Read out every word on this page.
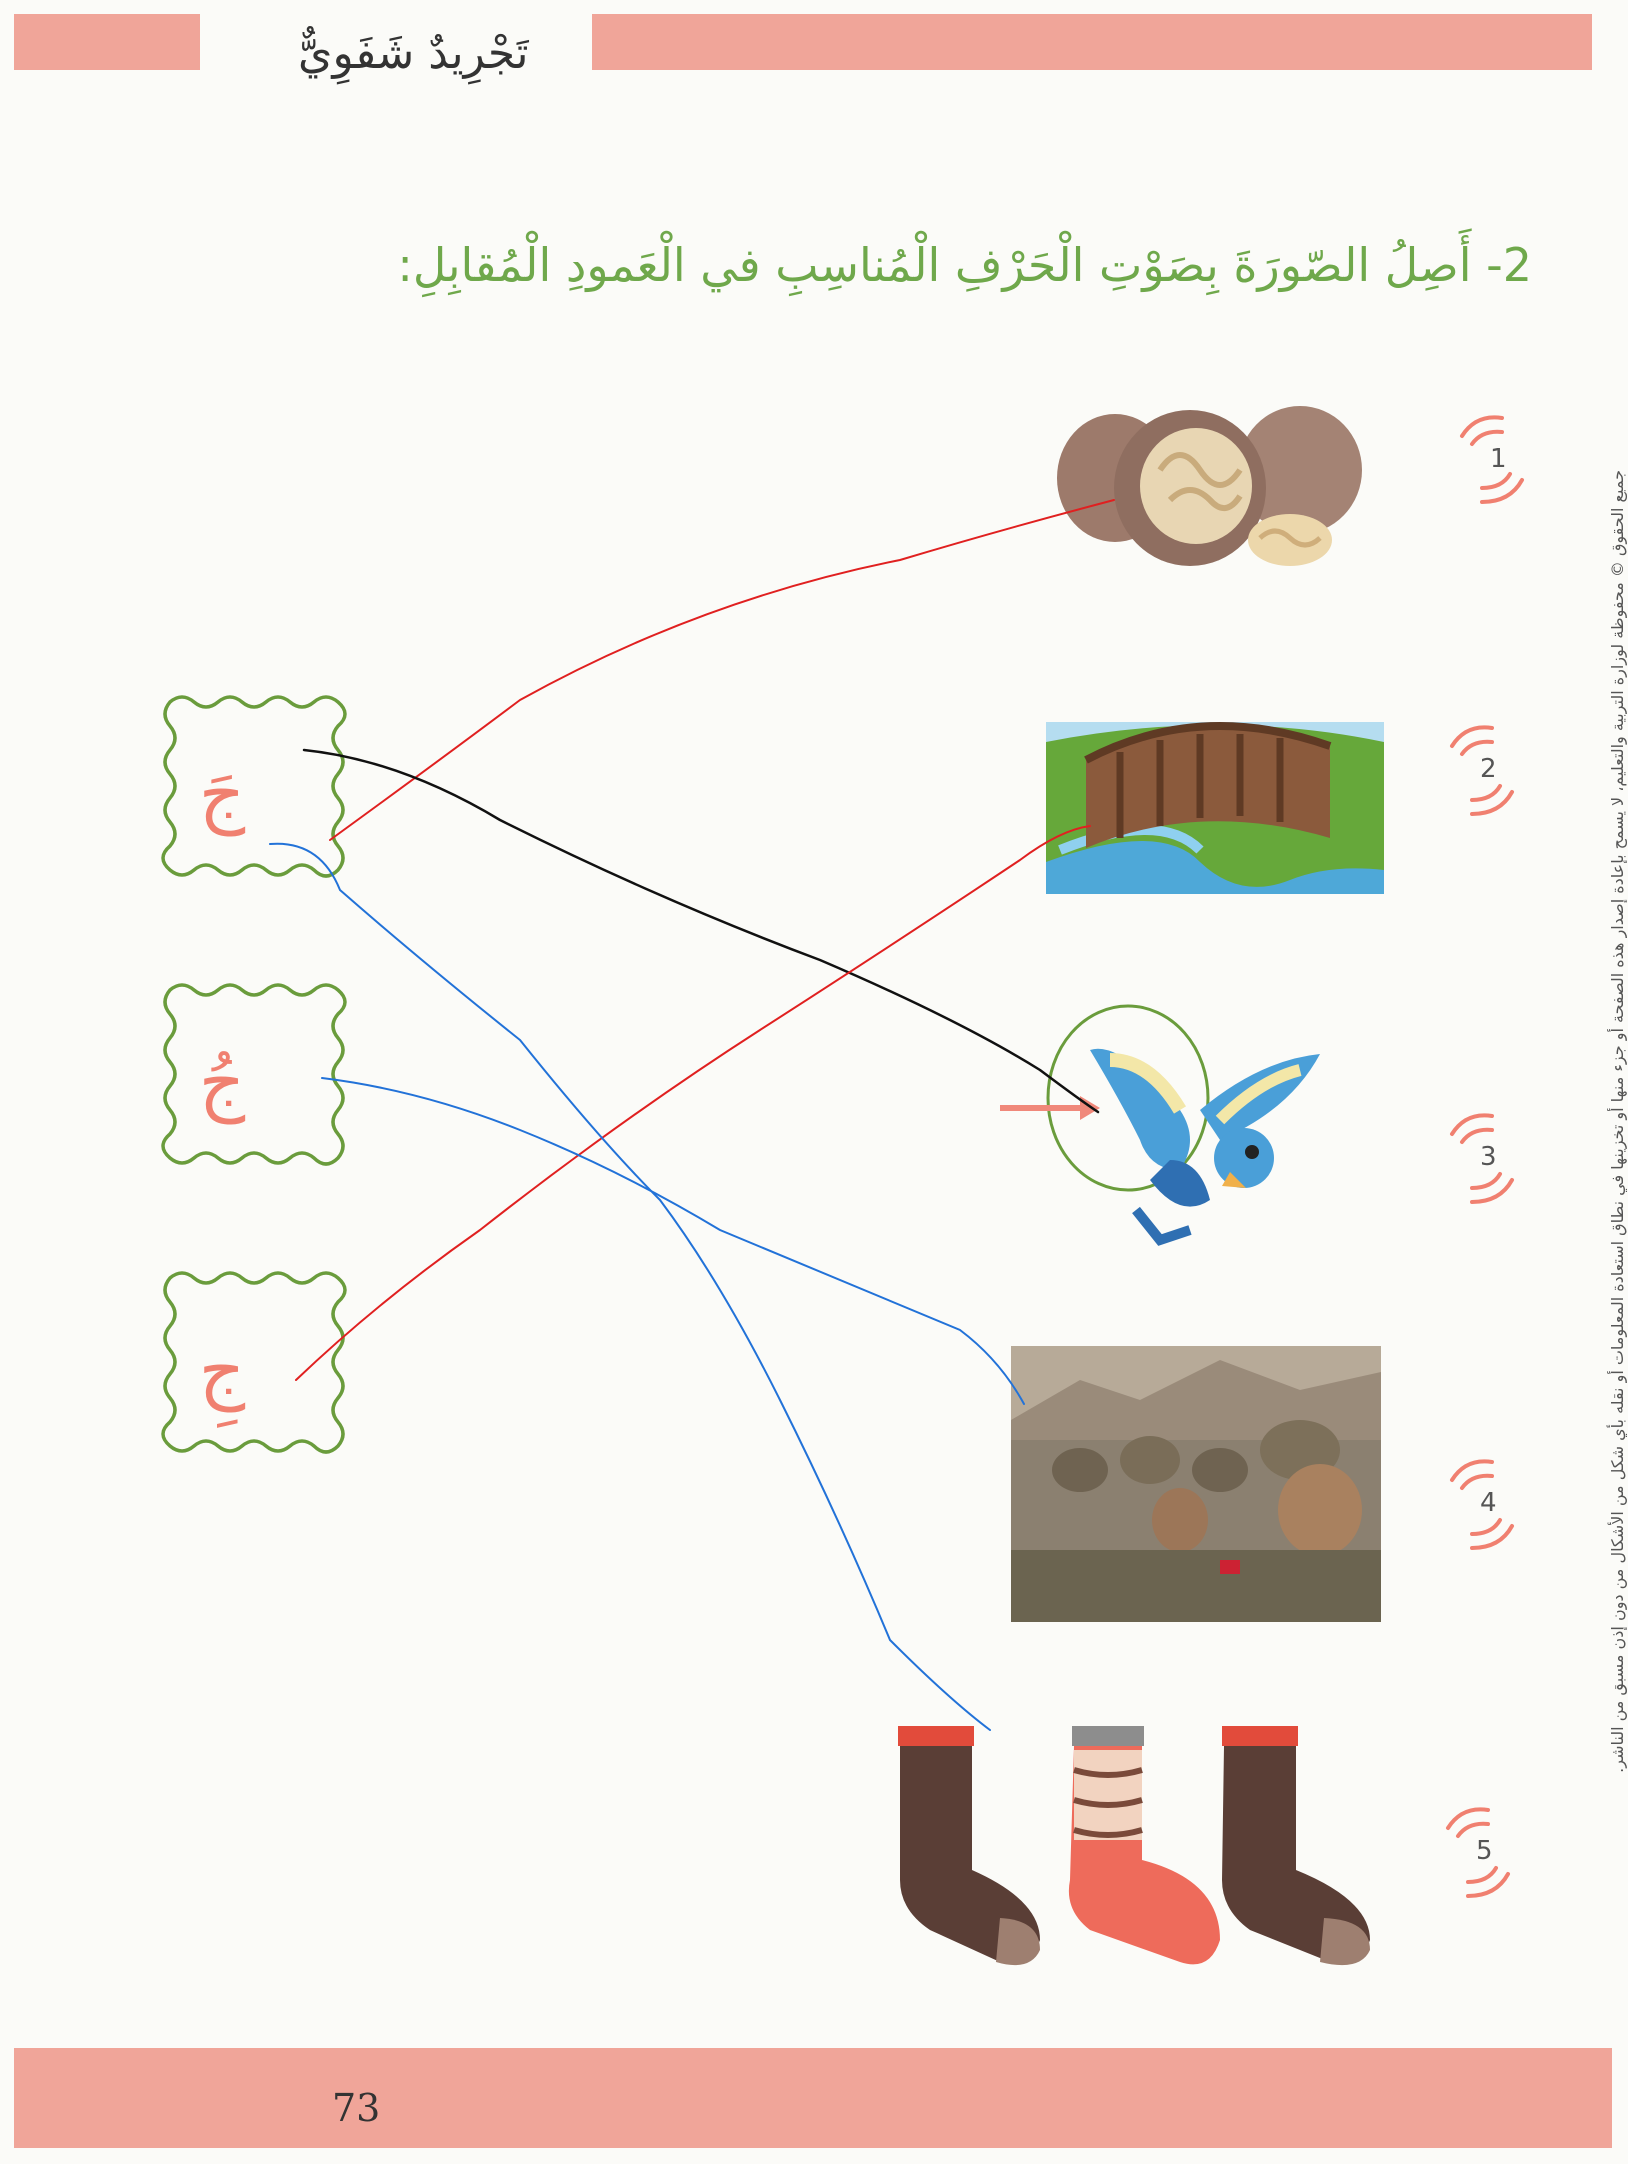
تَجْرِيدٌ شَفَوِيٌّ
2- أَصِلُ الصّورَةَ بِصَوْتِ الْحَرْفِ الْمُناسِبِ في الْعَمودِ الْمُقابِلِ:
جميع الحقوق © محفوظة لوزارة التربية والتعليم، لا يسمح بإعادة إصدار هذه الصفحة أو جزء منها أو تخزينها في نطاق استعادة المعلومات أو نقله بأي شكل من الأشكال من دون إذن مسبق من الناشر.
73
جَ
جُ
جِ
1
2
3
4
5
